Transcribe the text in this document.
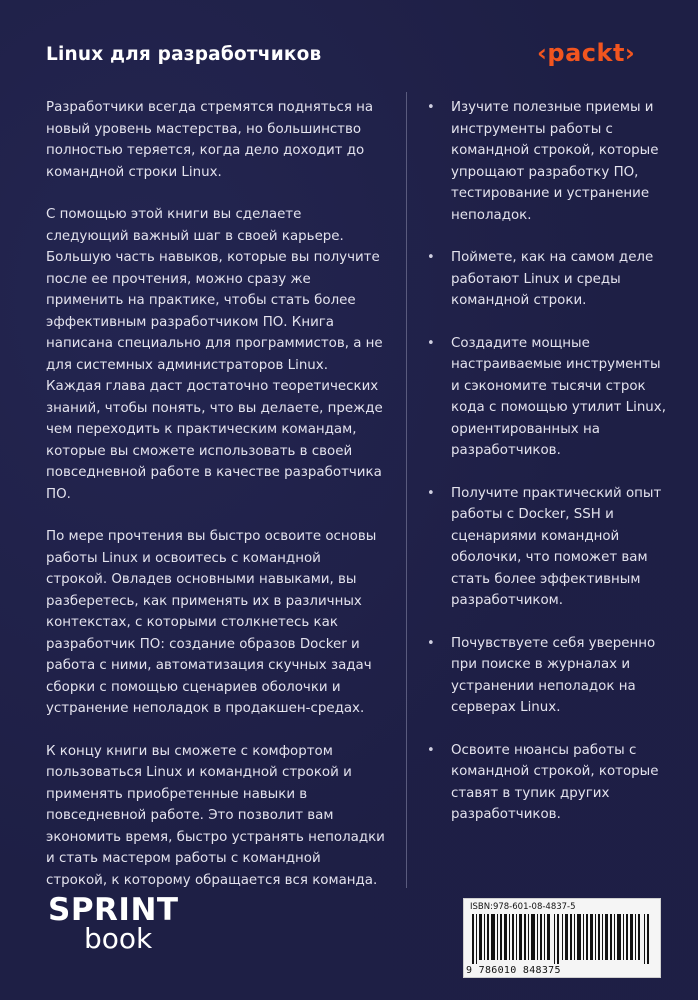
Linux для разработчиков	‹packt›

Разработчики всегда стремятся подняться на новый уровень мастерства, но большинство полностью теряется, когда дело доходит до командной строки Linux.

С помощью этой книги вы сделаете следующий важный шаг в своей карьере. Большую часть навыков, которые вы получите после ее прочтения, можно сразу же применить на практике, чтобы стать более эффективным разработчиком ПО. Книга написана специально для программистов, а не для системных администраторов Linux. Каждая глава даст достаточно теоретических знаний, чтобы понять, что вы делаете, прежде чем переходить к практическим командам, которые вы сможете использовать в своей повседневной работе в качестве разработчика ПО.

По мере прочтения вы быстро освоите основы работы Linux и освоитесь с командной строкой. Овладев основными навыками, вы разберетесь, как применять их в различных контекстах, с которыми столкнетесь как разработчик ПО: создание образов Docker и работа с ними, автоматизация скучных задач сборки с помощью сценариев оболочки и устранение неполадок в продакшен-средах.

К концу книги вы сможете с комфортом пользоваться Linux и командной строкой и применять приобретенные навыки в повседневной работе. Это позволит вам экономить время, быстро устранять неполадки и стать мастером работы с командной строкой, к которому обращается вся команда.

• Изучите полезные приемы и инструменты работы с командной строкой, которые упрощают разработку ПО, тестирование и устранение неполадок.
• Поймете, как на самом деле работают Linux и среды командной строки.
• Создадите мощные настраиваемые инструменты и сэкономите тысячи строк кода с помощью утилит Linux, ориентированных на разработчиков.
• Получите практический опыт работы с Docker, SSH и сценариями командной оболочки, что поможет вам стать более эффективным разработчиком.
• Почувствуете себя уверенно при поиске в журналах и устранении неполадок на серверах Linux.
• Освоите нюансы работы с командной строкой, которые ставят в тупик других разработчиков.
SPRINT
book
ISBN:978-601-08-4837-5
9 786010 848375
